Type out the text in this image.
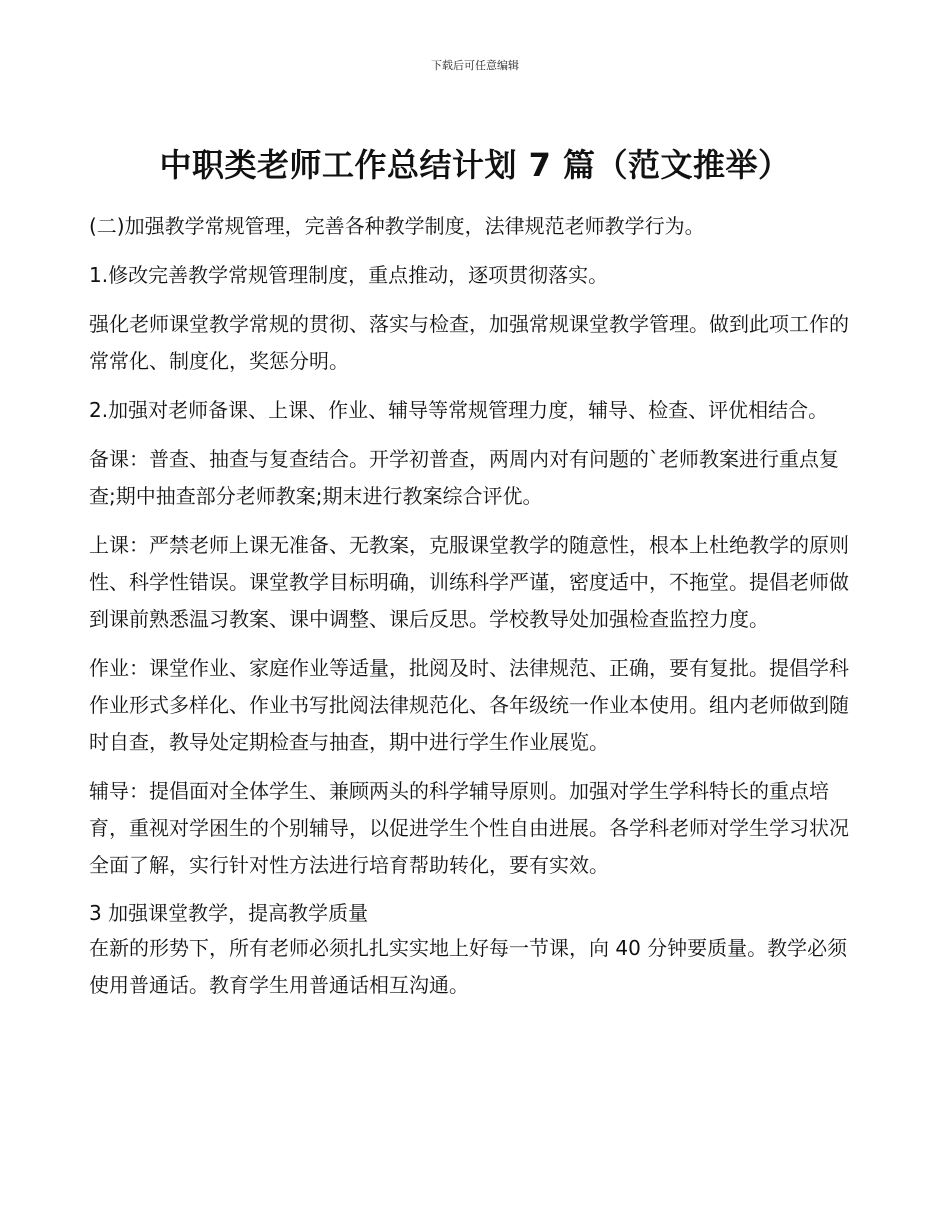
下载后可任意编辑
中职类老师工作总结计划 7 篇（范文推举）

(二)加强教学常规管理，完善各种教学制度，法律规范老师教学行为。

1.修改完善教学常规管理制度，重点推动，逐项贯彻落实。

强化老师课堂教学常规的贯彻、落实与检查，加强常规课堂教学管理。做到此项工作的常常化、制度化，奖惩分明。

2.加强对老师备课、上课、作业、辅导等常规管理力度，辅导、检查、评优相结合。

备课：普查、抽查与复查结合。开学初普查，两周内对有问题的`老师教案进行重点复查;期中抽查部分老师教案;期末进行教案综合评优。

上课：严禁老师上课无准备、无教案，克服课堂教学的随意性，根本上杜绝教学的原则性、科学性错误。课堂教学目标明确，训练科学严谨，密度适中，不拖堂。提倡老师做到课前熟悉温习教案、课中调整、课后反思。学校教导处加强检查监控力度。

作业：课堂作业、家庭作业等适量，批阅及时、法律规范、正确，要有复批。提倡学科作业形式多样化、作业书写批阅法律规范化、各年级统一作业本使用。组内老师做到随时自查，教导处定期检查与抽查，期中进行学生作业展览。

辅导：提倡面对全体学生、兼顾两头的科学辅导原则。加强对学生学科特长的重点培育，重视对学困生的个别辅导，以促进学生个性自由进展。各学科老师对学生学习状况全面了解，实行针对性方法进行培育帮助转化，要有实效。

3 加强课堂教学，提高教学质量

在新的形势下，所有老师必须扎扎实实地上好每一节课，向 40 分钟要质量。教学必须使用普通话。教育学生用普通话相互沟通。
